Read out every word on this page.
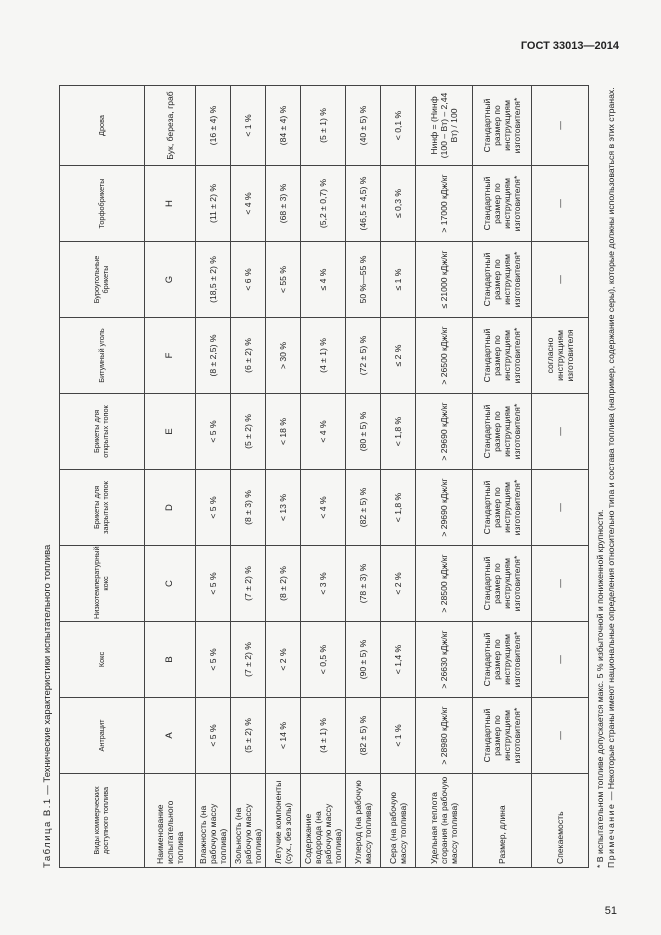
ГОСТ 33013—2014
Таблица В.1 — Технические характеристики испытательного топлива
Виды коммерческих доступного топлива	Антрацит	Кокс	Низкотемпературный кокс	Брикеты для закрытых топок	Брикеты для открытых топок	Битумный уголь	Буроугольные брикеты	Торфобрикеты	Дрова
Наименование испытательного топлива	A	B	C	D	E	F	G	H	Бук, береза, граб
Влажность (на рабочую массу топлива)	< 5 %	< 5 %	< 5 %	< 5 %	< 5 %	(8 ± 2,5) %	(18,5 ± 2) %	(11 ± 2) %	(16 ± 4) %
Зольность (на рабочую массу топлива)	(5 ± 2) %	(7 ± 2) %	(7 ± 2) %	(8 ± 3) %	(5 ± 2) %	(6 ± 2) %	< 6 %	< 4 %	< 1 %
Летучие компоненты (сух., без золы)	< 14 %	< 2 %	(8 ± 2) %	< 13 %	< 18 %	> 30 %	< 55 %	(68 ± 3) %	(84 ± 4) %
Содержание водорода (на рабочую массу топлива)	(4 ± 1) %	< 0,5 %	< 3 %	< 4 %	< 4 %	(4 ± 1) %	≤ 4 %	(5,2 ± 0,7) %	(5 ± 1) %
Углерод (на рабочую массу топлива)	(82 ± 5) %	(90 ± 5) %	(78 ± 3) %	(82 ± 5) %	(80 ± 5) %	(72 ± 5) %	50 %—55 %	(46,5 ± 4,5) %	(40 ± 5) %
Сера (на рабочую массу топлива)	< 1 %	< 1,4 %	< 2 %	< 1,8 %	< 1,8 %	≤ 2 %	≤ 1 %	≤ 0,3 %	< 0,1 %
Удельная теплота сгорания (на рабочую массу топлива)	> 28980 кДж/кг	> 26630 кДж/кг	> 28500 кДж/кг	> 29690 кДж/кг	> 29690 кДж/кг	> 26500 кДж/кг	≤ 21000 кДж/кг	> 17000 кДж/кг	Hинф = (Hинф (100 – Bт) – 2,44 Bт) / 100
Размер, длина	Стандартный размер по инструкциям изготовителя*	Стандартный размер по инструкциям изготовителя*	Стандартный размер по инструкциям изготовителя*	Стандартный размер по инструкциям изготовителя*	Стандартный размер по инструкциям изготовителя*	Стандартный размер по инструкциям изготовителя*	Стандартный размер по инструкциям изготовителя*	Стандартный размер по инструкциям изготовителя*	Стандартный размер по инструкциям изготовителя*
Спекаемость	—	—	—	—	—	согласно инструкциям изготовителя	—	—	—
* В испытательном топливе допускается макс. 5 % избыточной и пониженной крупности. Примечание — Некоторые страны имеют национальные определения относительно типа и состава топлива (например, содержание серы), которые должны использоваться в этих странах.
51
